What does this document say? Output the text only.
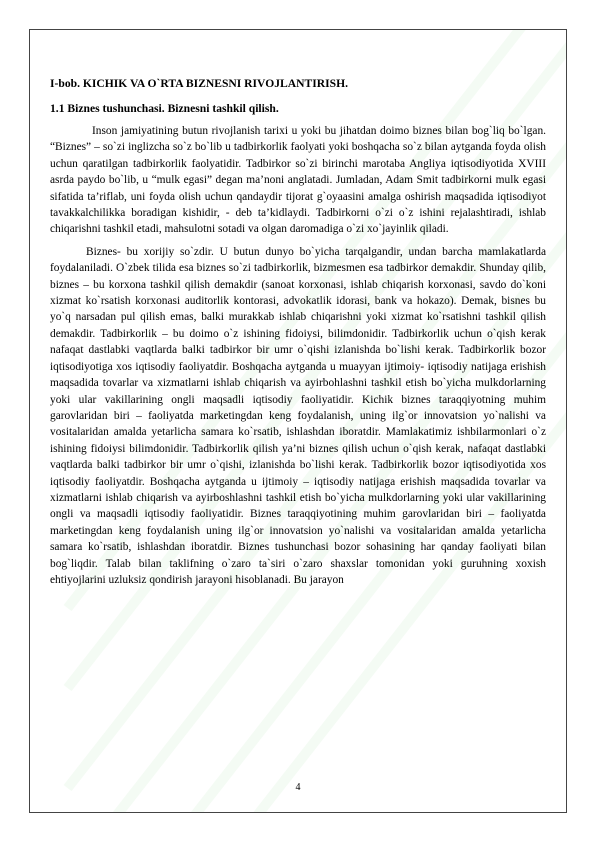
I-bob. KICHIK VA O`RTA BIZNESNI RIVOJLANTIRISH.
1.1 Biznes tushunchasi. Biznesni tashkil qilish.

Inson jamiyatining butun rivojlanish tarixi u yoki bu jihatdan doimo biznes bilan bog`liq bo`lgan. “Biznes” – so`zi inglizcha so`z bo`lib u tadbirkorlik faolyati yoki boshqacha so`z bilan aytganda foyda olish uchun qaratilgan tadbirkorlik faolyatidir. Tadbirkor so`zi birinchi marotaba Angliya iqtisodiyotida XVIII asrda paydo bo`lib, u “mulk egasi” degan ma’noni anglatadi. Jumladan, Adam Smit tadbirkorni mulk egasi sifatida ta’riflab, uni foyda olish uchun qandaydir tijorat g`oyaasini amalga oshirish maqsadida iqtisodiyot tavakkalchilikka boradigan kishidir, - deb ta’kidlaydi. Tadbirkorni o`zi o`z ishini rejalashtiradi, ishlab chiqarishni tashkil etadi, mahsulotni sotadi va olgan daromadiga o`zi xo`jayinlik qiladi.

Biznes- bu xorijiy so`zdir. U butun dunyo bo`yicha tarqalgandir, undan barcha mamlakatlarda foydalaniladi. O`zbek tilida esa biznes so`zi tadbirkorlik, bizmesmen esa tadbirkor demakdir. Shunday qilib, biznes – bu korxona tashkil qilish demakdir (sanoat korxonasi, ishlab chiqarish korxonasi, savdo do`koni xizmat ko`rsatish korxonasi auditorlik kontorasi, advokatlik idorasi, bank va hokazo). Demak, bisnes bu yo`q narsadan pul qilish emas, balki murakkab ishlab chiqarishni yoki xizmat ko`rsatishni tashkil qilish demakdir. Tadbirkorlik – bu doimo o`z ishining fidoiysi, bilimdonidir. Tadbirkorlik uchun o`qish kerak nafaqat dastlabki vaqtlarda balki tadbirkor bir umr o`qishi izlanishda bo`lishi kerak. Tadbirkorlik bozor iqtisodiyotiga xos iqtisodiy faoliyatdir. Boshqacha aytganda u muayyan ijtimoiy- iqtisodiy natijaga erishish maqsadida tovarlar va xizmatlarni ishlab chiqarish va ayirbohlashni tashkil etish bo`yicha mulkdorlarning yoki ular vakillarining ongli maqsadli iqtisodiy faoliyatidir. Kichik biznes taraqqiyotning muhim garovlaridan biri – faoliyatda marketingdan keng foydalanish, uning ilg`or innovatsion yo`nalishi va vositalaridan amalda yetarlicha samara ko`rsatib, ishlashdan iboratdir. Mamlakatimiz ishbilarmonlari o`z ishining fidoiysi bilimdonidir. Tadbirkorlik qilish ya’ni biznes qilish uchun o`qish kerak, nafaqat dastlabki vaqtlarda balki tadbirkor bir umr o`qishi, izlanishda bo`lishi kerak. Tadbirkorlik bozor iqtisodiyotida xos iqtisodiy faoliyatdir. Boshqacha aytganda u ijtimoiy – iqtisodiy natijaga erishish maqsadida tovarlar va xizmatlarni ishlab chiqarish va ayirboshlashni tashkil etish bo`yicha mulkdorlarning yoki ular vakillarining ongli va maqsadli iqtisodiy faoliyatidir. Biznes taraqqiyotining muhim garovlaridan biri – faoliyatda marketingdan keng foydalanish uning ilg`or innovatsion yo`nalishi va vositalaridan amalda yetarlicha samara ko`rsatib, ishlashdan iboratdir. Biznes tushunchasi bozor sohasining har qanday faoliyati bilan bog`liqdir. Talab bilan taklifning o`zaro ta`siri o`zaro shaxslar tomonidan yoki guruhning xoxish ehtiyojlarini uzluksiz qondirish jarayoni hisoblanadi. Bu jarayon

4
